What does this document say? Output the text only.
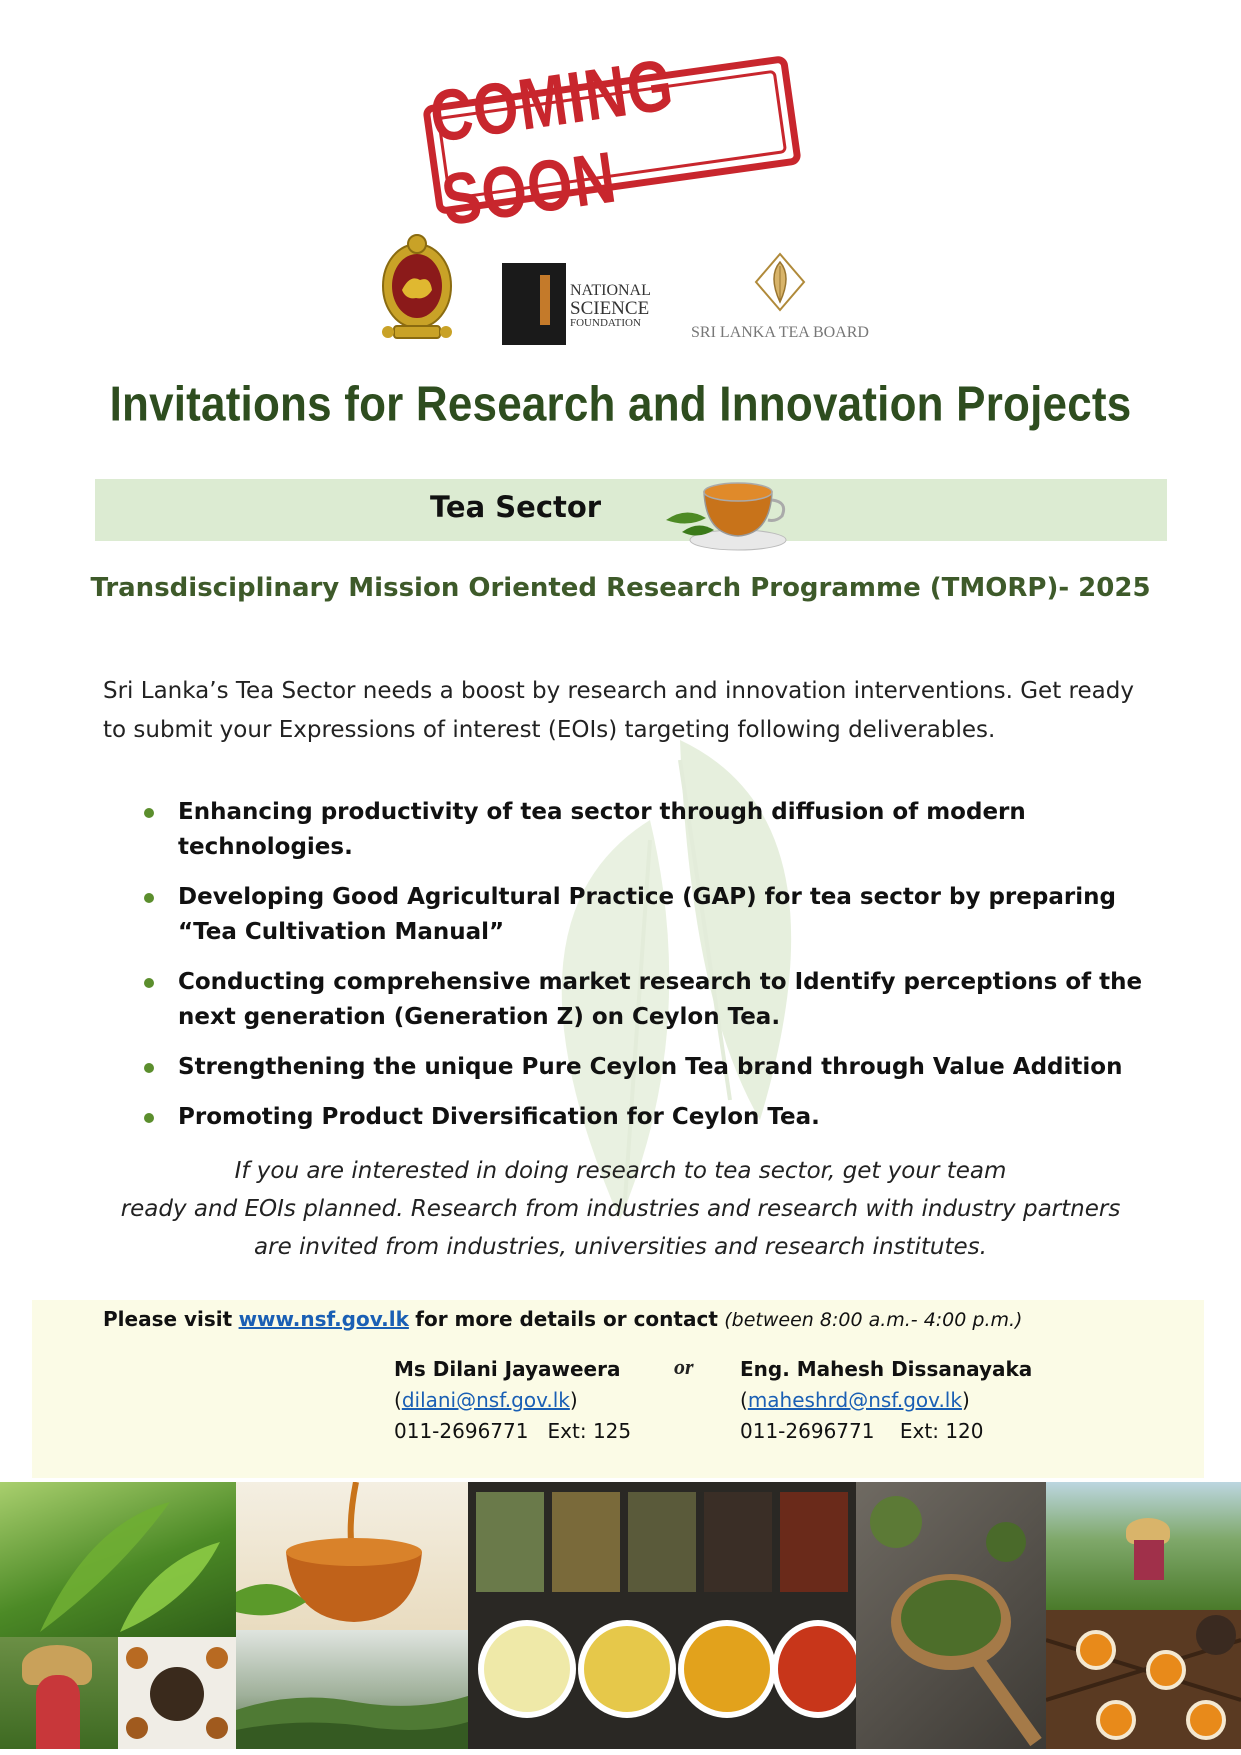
COMING SOON
NATIONAL
SCIENCE
FOUNDATION
SRI LANKA TEA BOARD
Invitations for Research and Innovation Projects
Tea Sector
Transdisciplinary Mission Oriented Research Programme (TMORP)- 2025
Sri Lanka’s Tea Sector needs a boost by research and innovation interventions. Get ready to submit your Expressions of interest (EOIs) targeting following deliverables.
Enhancing productivity of tea sector through diffusion of modern technologies.
Developing Good Agricultural Practice (GAP) for tea sector by preparing “Tea Cultivation Manual”
Conducting comprehensive market research to Identify perceptions of the next generation (Generation Z) on Ceylon Tea.
Strengthening the unique Pure Ceylon Tea brand through Value Addition
Promoting Product Diversification for Ceylon Tea.
If you are interested in doing research to tea sector, get your team
ready and EOIs planned. Research from industries and research with industry partners
are invited from industries, universities and research institutes.
Please visit www.nsf.gov.lk for more details or contact (between 8:00 a.m.- 4:00 p.m.)
Ms Dilani Jayaweera
(dilani@nsf.gov.lk)
011-2696771 Ext: 125
or Eng. Mahesh Dissanayaka
(maheshrd@nsf.gov.lk)
011-2696771 Ext: 120
